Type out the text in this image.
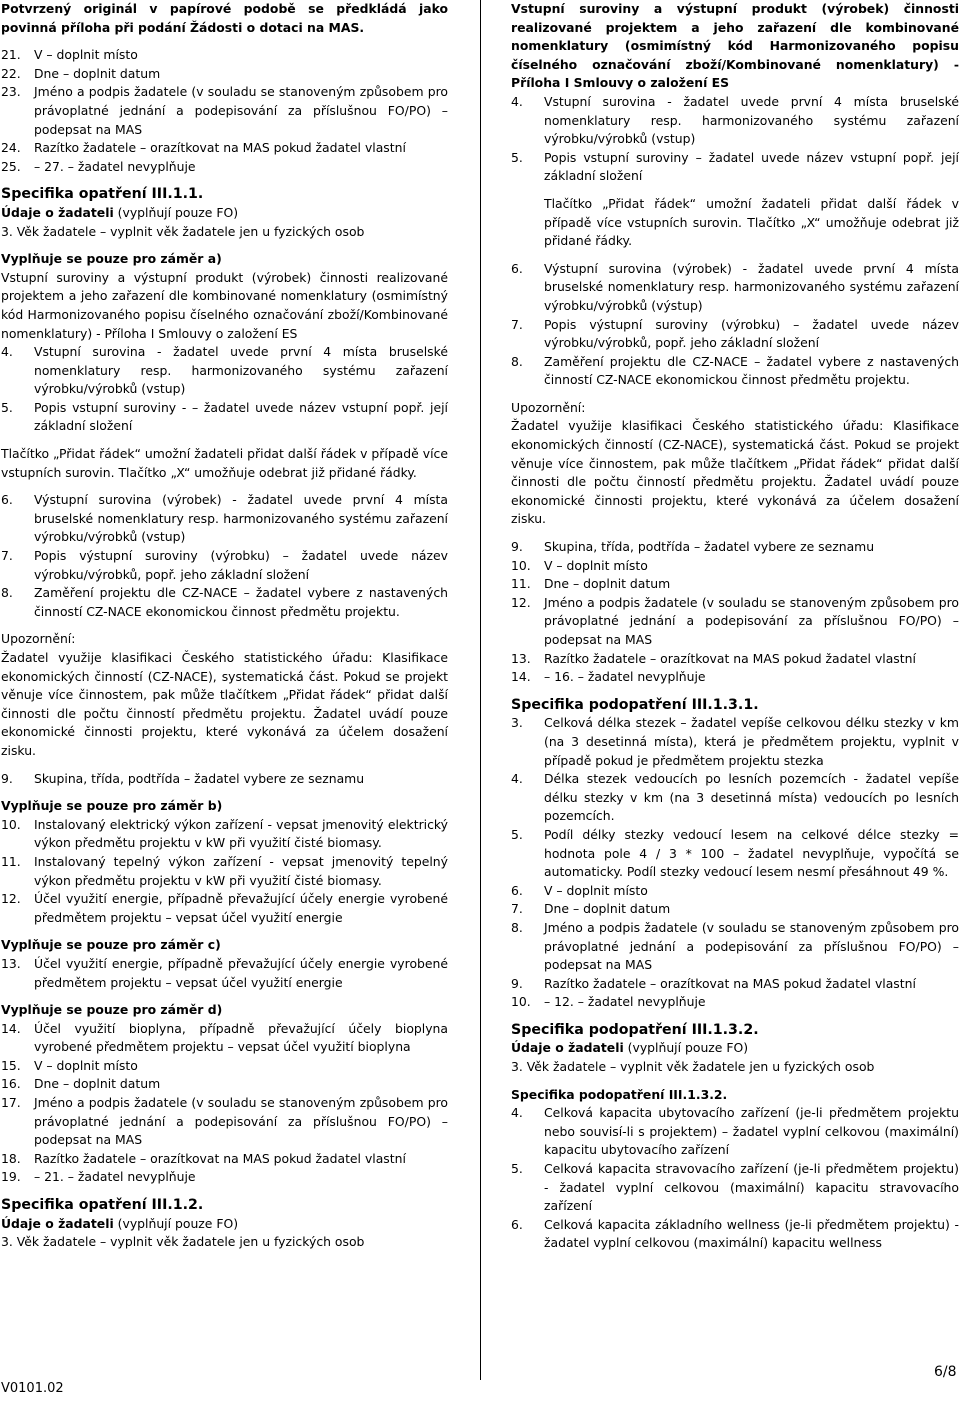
Potvrzený originál v papírové podobě se předkládá jako povinná příloha při podání Žádosti o dotaci na MAS.

21.	V – doplnit místo
22.	Dne – doplnit datum
23.	Jméno a podpis žadatele (v souladu se stanoveným způsobem pro právoplatné jednání a podepisování za příslušnou FO/PO) – podepsat na MAS
24.	Razítko žadatele – orazítkovat na MAS pokud žadatel vlastní
25.	– 27. – žadatel nevyplňuje
Specifika opatření III.1.1.

Údaje o žadateli (vyplňují pouze FO)

3. Věk žadatele – vyplnit věk žadatele jen u fyzických osob

Vyplňuje se pouze pro záměr a)

Vstupní suroviny a výstupní produkt (výrobek) činnosti realizované projektem a jeho zařazení dle kombinované nomenklatury (osmimístný kód Harmonizovaného popisu číselného označování zboží/Kombinované nomenklatury) - Příloha I Smlouvy o založení ES

4.	Vstupní surovina - žadatel uvede první 4 místa bruselské nomenklatury resp. harmonizovaného systému zařazení výrobku/výrobků (vstup)
5.	Popis vstupní suroviny - – žadatel uvede název vstupní popř. její základní složení

Tlačítko „Přidat řádek“ umožní žadateli přidat další řádek v případě více vstupních surovin. Tlačítko „X“ umožňuje odebrat již přidané řádky.

6.	Výstupní surovina (výrobek) - žadatel uvede první 4 místa bruselské nomenklatury resp. harmonizovaného systému zařazení výrobku/výrobků (vstup)
7.	Popis výstupní suroviny (výrobku) – žadatel uvede název výrobku/výrobků, popř. jeho základní složení
8.	Zaměření projektu dle CZ-NACE – žadatel vybere z nastavených činností CZ-NACE ekonomickou činnost předmětu projektu.

Upozornění:

Žadatel využije klasifikaci Českého statistického úřadu: Klasifikace ekonomických činností (CZ-NACE), systematická část. Pokud se projekt věnuje více činnostem, pak může tlačítkem „Přidat řádek“ přidat další činnosti dle počtu činností předmětu projektu. Žadatel uvádí pouze ekonomické činnosti projektu, které vykonává za účelem dosažení zisku.

9.	Skupina, třída, podtřída – žadatel vybere ze seznamu

Vyplňuje se pouze pro záměr b)

10.	Instalovaný elektrický výkon zařízení - vepsat jmenovitý elektrický výkon předmětu projektu v kW při využití čisté biomasy.
11.	Instalovaný tepelný výkon zařízení - vepsat jmenovitý tepelný výkon předmětu projektu v kW při využití čisté biomasy.
12.	Účel využití energie, případně převažující účely energie vyrobené předmětem projektu – vepsat účel využití energie

Vyplňuje se pouze pro záměr c)

13.	Účel využití energie, případně převažující účely energie vyrobené předmětem projektu – vepsat účel využití energie

Vyplňuje se pouze pro záměr d)

14.	Účel využití bioplyna, případně převažující účely bioplyna vyrobené předmětem projektu – vepsat účel využití bioplyna
15.	V – doplnit místo
16.	Dne – doplnit datum
17.	Jméno a podpis žadatele (v souladu se stanoveným způsobem pro právoplatné jednání a podepisování za příslušnou FO/PO) – podepsat na MAS
18.	Razítko žadatele – orazítkovat na MAS pokud žadatel vlastní
19.	– 21. – žadatel nevyplňuje
Specifika opatření III.1.2.

Údaje o žadateli (vyplňují pouze FO)

3. Věk žadatele – vyplnit věk žadatele jen u fyzických osob

Vstupní suroviny a výstupní produkt (výrobek) činnosti realizované projektem a jeho zařazení dle kombinované nomenklatury (osmimístný kód Harmonizovaného popisu číselného označování zboží/Kombinované nomenklatury) - Příloha I Smlouvy o založení ES

4.	Vstupní surovina - žadatel uvede první 4 místa bruselské nomenklatury resp. harmonizovaného systému zařazení výrobku/výrobků (vstup)
5.	Popis vstupní suroviny – žadatel uvede název vstupní popř. její základní složení

Tlačítko „Přidat řádek“ umožní žadateli přidat další řádek v případě více vstupních surovin. Tlačítko „X“ umožňuje odebrat již přidané řádky.

6.	Výstupní surovina (výrobek) - žadatel uvede první 4 místa bruselské nomenklatury resp. harmonizovaného systému zařazení výrobku/výrobků (výstup)
7.	Popis výstupní suroviny (výrobku) – žadatel uvede název výrobku/výrobků, popř. jeho základní složení
8.	Zaměření projektu dle CZ-NACE – žadatel vybere z nastavených činností CZ-NACE ekonomickou činnost předmětu projektu.

Upozornění:

Žadatel využije klasifikaci Českého statistického úřadu: Klasifikace ekonomických činností (CZ-NACE), systematická část. Pokud se projekt věnuje více činnostem, pak může tlačítkem „Přidat řádek“ přidat další činnosti dle počtu činností předmětu projektu. Žadatel uvádí pouze ekonomické činnosti projektu, které vykonává za účelem dosažení zisku.

9.	Skupina, třída, podtřída – žadatel vybere ze seznamu
10.	V – doplnit místo
11.	Dne – doplnit datum
12.	Jméno a podpis žadatele (v souladu se stanoveným způsobem pro právoplatné jednání a podepisování za příslušnou FO/PO) – podepsat na MAS
13.	Razítko žadatele – orazítkovat na MAS pokud žadatel vlastní
14.	– 16. – žadatel nevyplňuje
Specifika podopatření III.1.3.1.
3.	Celková délka stezek – žadatel vepíše celkovou délku stezky v km (na 3 desetinná místa), která je předmětem projektu, vyplnit v případě pokud je předmětem projektu stezka
4.	Délka stezek vedoucích po lesních pozemcích - žadatel vepíše délku stezky v km (na 3 desetinná místa) vedoucích po lesních pozemcích.
5.	Podíl délky stezky vedoucí lesem na celkové délce stezky = hodnota pole 4 / 3 * 100 – žadatel nevyplňuje, vypočítá se automaticky. Podíl stezky vedoucí lesem nesmí přesáhnout 49 %.
6.	V – doplnit místo
7.	Dne – doplnit datum
8.	Jméno a podpis žadatele (v souladu se stanoveným způsobem pro právoplatné jednání a podepisování za příslušnou FO/PO) – podepsat na MAS
9.	Razítko žadatele – orazítkovat na MAS pokud žadatel vlastní
10.	– 12. – žadatel nevyplňuje
Specifika podopatření III.1.3.2.

Údaje o žadateli (vyplňují pouze FO)

3. Věk žadatele – vyplnit věk žadatele jen u fyzických osob

Specifika podopatření III.1.3.2.

4.	Celková kapacita ubytovacího zařízení (je-li předmětem projektu nebo souvisí-li s projektem) – žadatel vyplní celkovou (maximální) kapacitu ubytovacího zařízení
5.	Celková kapacita stravovacího zařízení (je-li předmětem projektu) - žadatel vyplní celkovou (maximální) kapacitu stravovacího zařízení
6.	Celková kapacita základního wellness (je-li předmětem projektu) - žadatel vyplní celkovou (maximální) kapacitu wellness
V0101.02
6/8
